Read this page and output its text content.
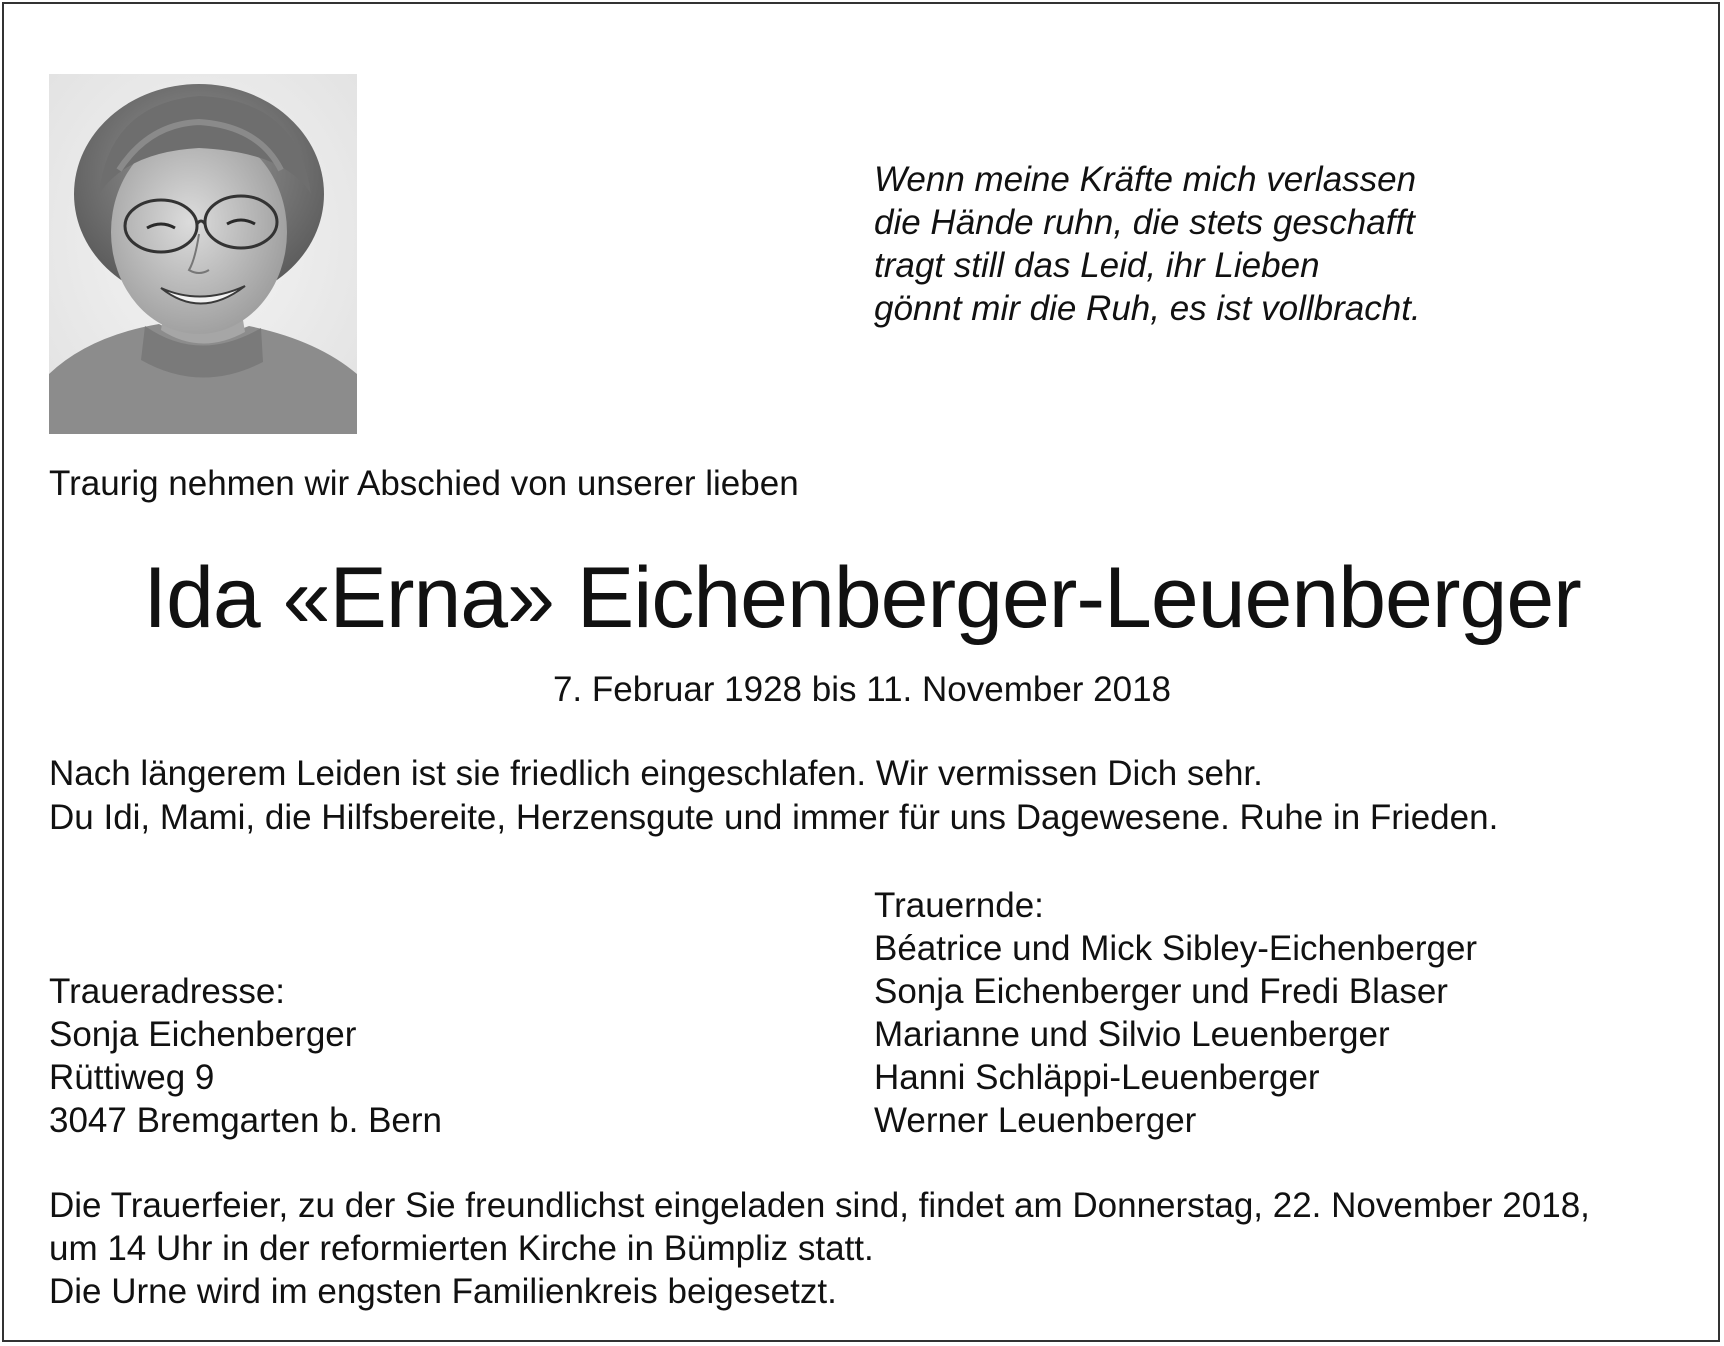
Wenn meine Kräfte mich verlassen
die Hände ruhn, die stets geschafft
tragt still das Leid, ihr Lieben
gönnt mir die Ruh, es ist vollbracht.
Traurig nehmen wir Abschied von unserer lieben
Ida «Erna» Eichenberger-Leuenberger
7. Februar 1928 bis 11. November 2018
Nach längerem Leiden ist sie friedlich eingeschlafen. Wir vermissen Dich sehr.
Du Idi, Mami, die Hilfsbereite, Herzensgute und immer für uns Dagewesene. Ruhe in Frieden.
Trauernde:
Béatrice und Mick Sibley-Eichenberger
Sonja Eichenberger und Fredi Blaser
Marianne und Silvio Leuenberger
Hanni Schläppi-Leuenberger
Werner Leuenberger
Traueradresse:
Sonja Eichenberger
Rüttiweg 9
3047 Bremgarten b. Bern
Die Trauerfeier, zu der Sie freundlichst eingeladen sind, findet am Donnerstag, 22. November 2018,
um 14 Uhr in der reformierten Kirche in Bümpliz statt.
Die Urne wird im engsten Familienkreis beigesetzt.
